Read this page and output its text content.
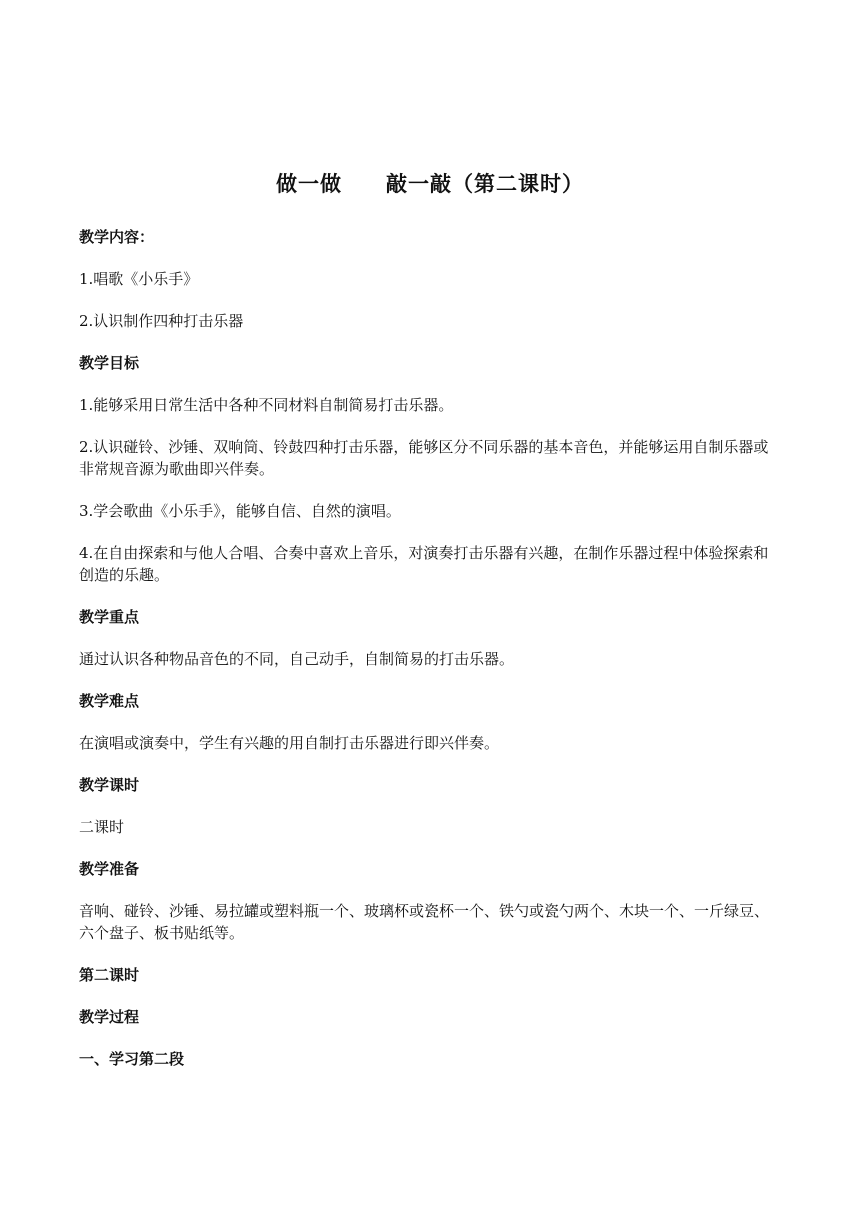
做一做　　敲一敲（第二课时）

教学内容：

1.唱歌《小乐手》

2.认识制作四种打击乐器

教学目标

1.能够采用日常生活中各种不同材料自制简易打击乐器。

2.认识碰铃、沙锤、双响筒、铃鼓四种打击乐器，能够区分不同乐器的基本音色，并能够运用自制乐器或非常规音源为歌曲即兴伴奏。

3.学会歌曲《小乐手》，能够自信、自然的演唱。

4.在自由探索和与他人合唱、合奏中喜欢上音乐，对演奏打击乐器有兴趣，在制作乐器过程中体验探索和创造的乐趣。

教学重点

通过认识各种物品音色的不同，自己动手，自制简易的打击乐器。

教学难点

在演唱或演奏中，学生有兴趣的用自制打击乐器进行即兴伴奏。

教学课时

二课时

教学准备

音响、碰铃、沙锤、易拉罐或塑料瓶一个、玻璃杯或瓷杯一个、铁勺或瓷勺两个、木块一个、一斤绿豆、六个盘子、板书贴纸等。

第二课时

教学过程

一、学习第二段
